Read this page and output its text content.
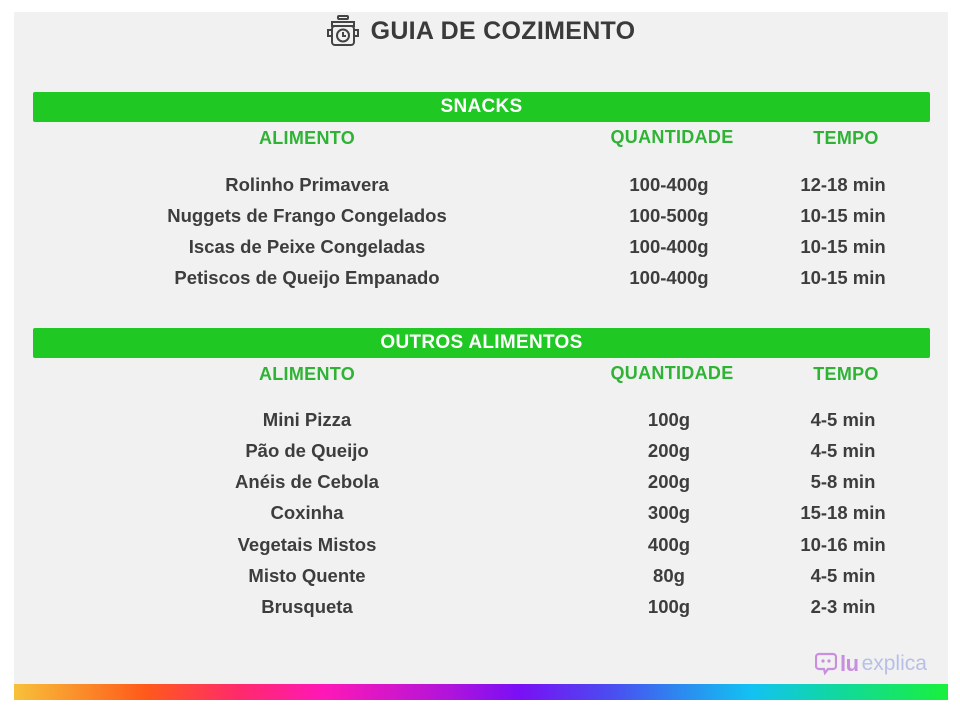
GUIA DE COZIMENTO
SNACKS
ALIMENTO	QUANTIDADE	TEMPO
Rolinho Primavera	100-400g	12-18 min
Nuggets de Frango Congelados	100-500g	10-15 min
Iscas de Peixe Congeladas	100-400g	10-15 min
Petiscos de Queijo Empanado	100-400g	10-15 min
OUTROS ALIMENTOS
ALIMENTO	QUANTIDADE	TEMPO
Mini Pizza	100g	4-5 min
Pão de Queijo	200g	4-5 min
Anéis de Cebola	200g	5-8 min
Coxinha	300g	15-18 min
Vegetais Mistos	400g	10-16 min
Misto Quente	80g	4-5 min
Brusqueta	100g	2-3 min
lu explica
